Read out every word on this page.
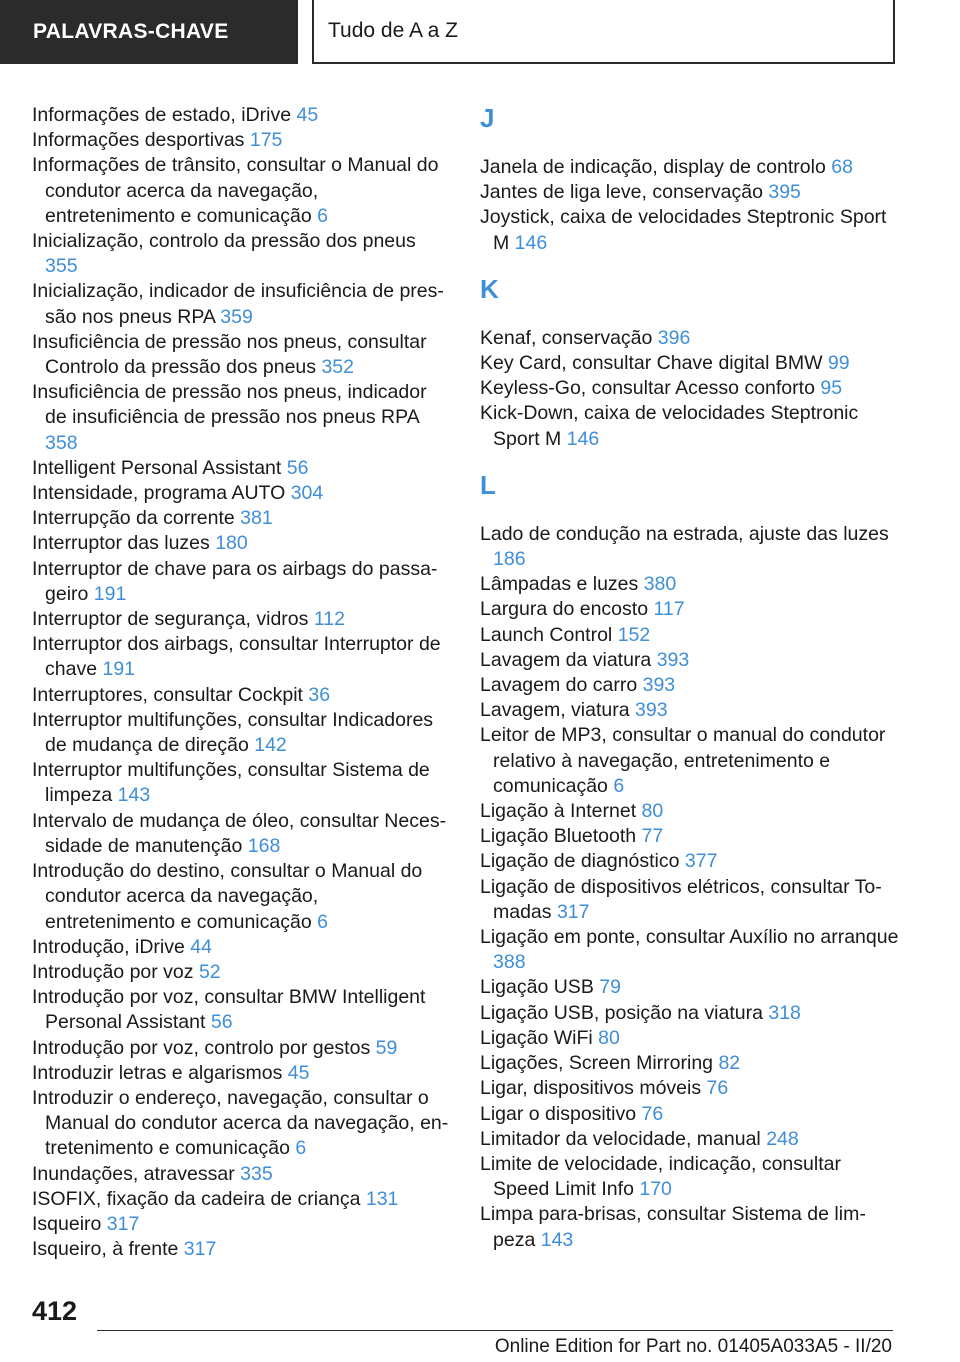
PALAVRAS-CHAVE	Tudo de A a Z
Informações de estado, iDrive 45
Informações desportivas 175
Informações de trânsito, consultar o Manual do condutor acerca da navegação, entretenimento e comunicação 6
Inicialização, controlo da pressão dos pneus 355
Inicialização, indicador de insuficiência de pressão nos pneus RPA 359
Insuficiência de pressão nos pneus, consultar Controlo da pressão dos pneus 352
Insuficiência de pressão nos pneus, indicador de insuficiência de pressão nos pneus RPA 358
Intelligent Personal Assistant 56
Intensidade, programa AUTO 304
Interrupção da corrente 381
Interruptor das luzes 180
Interruptor de chave para os airbags do passageiro 191
Interruptor de segurança, vidros 112
Interruptor dos airbags, consultar Interruptor de chave 191
Interruptores, consultar Cockpit 36
Interruptor multifunções, consultar Indicadores de mudança de direção 142
Interruptor multifunções, consultar Sistema de limpeza 143
Intervalo de mudança de óleo, consultar Necessidade de manutenção 168
Introdução do destino, consultar o Manual do condutor acerca da navegação, entretenimento e comunicação 6
Introdução, iDrive 44
Introdução por voz 52
Introdução por voz, consultar BMW Intelligent Personal Assistant 56
Introdução por voz, controlo por gestos 59
Introduzir letras e algarismos 45
Introduzir o endereço, navegação, consultar o Manual do condutor acerca da navegação, entretenimento e comunicação 6
Inundações, atravessar 335
ISOFIX, fixação da cadeira de criança 131
Isqueiro 317
Isqueiro, à frente 317
J
Janela de indicação, display de controlo 68
Jantes de liga leve, conservação 395
Joystick, caixa de velocidades Steptronic Sport M 146
K
Kenaf, conservação 396
Key Card, consultar Chave digital BMW 99
Keyless-Go, consultar Acesso conforto 95
Kick-Down, caixa de velocidades Steptronic Sport M 146
L
Lado de condução na estrada, ajuste das luzes 186
Lâmpadas e luzes 380
Largura do encosto 117
Launch Control 152
Lavagem da viatura 393
Lavagem do carro 393
Lavagem, viatura 393
Leitor de MP3, consultar o manual do condutor relativo à navegação, entretenimento e comunicação 6
Ligação à Internet 80
Ligação Bluetooth 77
Ligação de diagnóstico 377
Ligação de dispositivos elétricos, consultar Tomadas 317
Ligação em ponte, consultar Auxílio no arranque 388
Ligação USB 79
Ligação USB, posição na viatura 318
Ligação WiFi 80
Ligações, Screen Mirroring 82
Ligar, dispositivos móveis 76
Ligar o dispositivo 76
Limitador da velocidade, manual 248
Limite de velocidade, indicação, consultar Speed Limit Info 170
Limpa para-brisas, consultar Sistema de limpeza 143
412
Online Edition for Part no. 01405A033A5 - II/20
